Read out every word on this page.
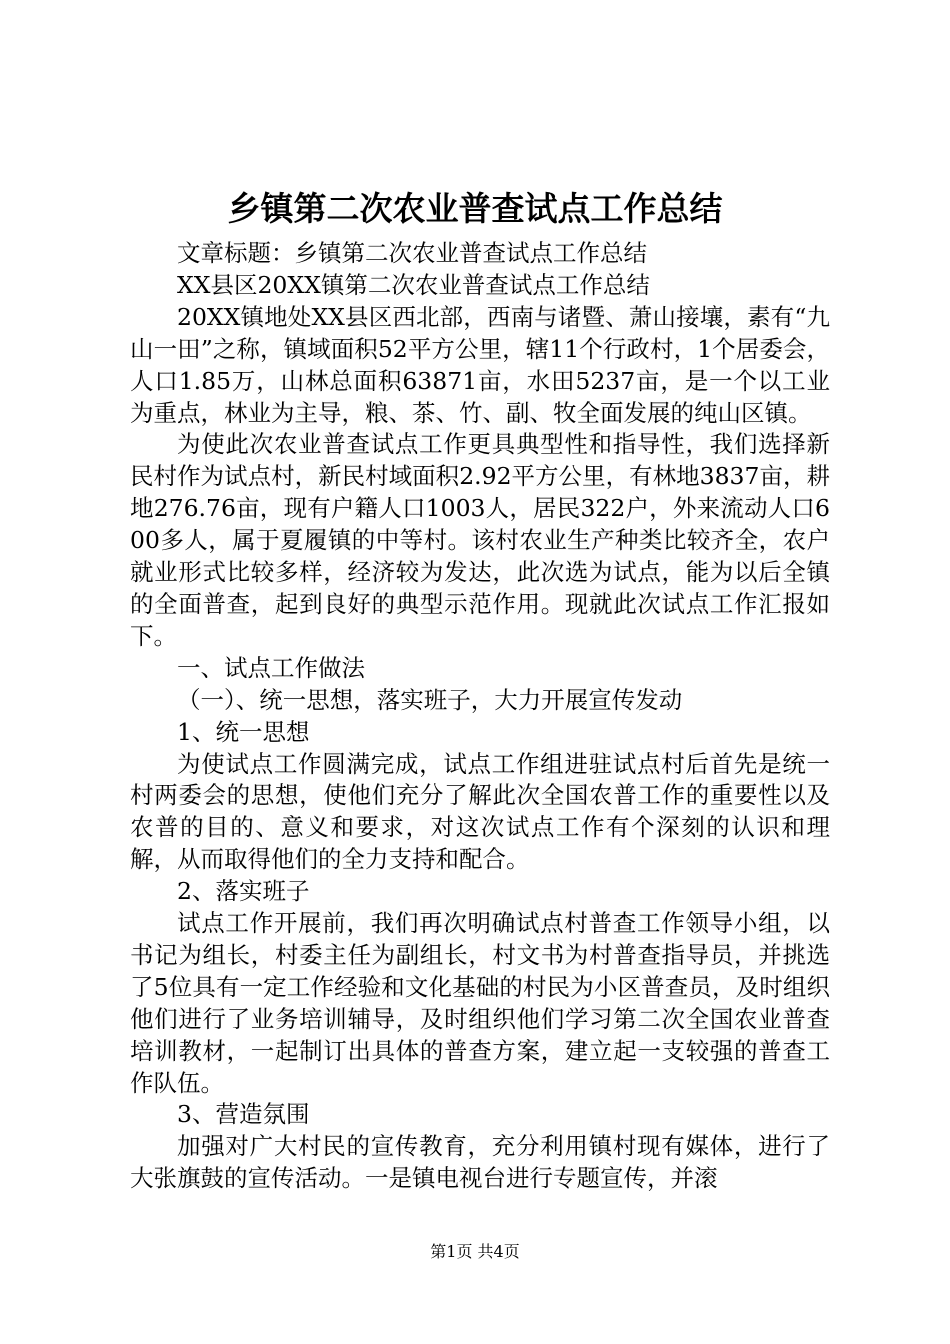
乡镇第二次农业普查试点工作总结

文章标题：乡镇第二次农业普查试点工作总结

XX县区20XX镇第二次农业普查试点工作总结

20XX镇地处XX县区西北部，西南与诸暨、萧山接壤，素有“九山一田”之称，镇域面积52平方公里，辖11个行政村，1个居委会，人口1.85万，山林总面积63871亩，水田5237亩，是一个以工业为重点，林业为主导，粮、茶、竹、副、牧全面发展的纯山区镇。

为使此次农业普查试点工作更具典型性和指导性，我们选择新民村作为试点村，新民村域面积2.92平方公里，有林地3837亩，耕地276.76亩，现有户籍人口1003人，居民322户，外来流动人口600多人，属于夏履镇的中等村。该村农业生产种类比较齐全，农户就业形式比较多样，经济较为发达，此次选为试点，能为以后全镇的全面普查，起到良好的典型示范作用。现就此次试点工作汇报如下。

一、试点工作做法

（一）、统一思想，落实班子，大力开展宣传发动

1、统一思想

为使试点工作圆满完成，试点工作组进驻试点村后首先是统一村两委会的思想，使他们充分了解此次全国农普工作的重要性以及农普的目的、意义和要求，对这次试点工作有个深刻的认识和理解，从而取得他们的全力支持和配合。

2、落实班子

试点工作开展前，我们再次明确试点村普查工作领导小组，以书记为组长，村委主任为副组长，村文书为村普查指导员，并挑选了5位具有一定工作经验和文化基础的村民为小区普查员，及时组织他们进行了业务培训辅导，及时组织他们学习第二次全国农业普查培训教材，一起制订出具体的普查方案，建立起一支较强的普查工作队伍。

3、营造氛围

加强对广大村民的宣传教育，充分利用镇村现有媒体，进行了大张旗鼓的宣传活动。一是镇电视台进行专题宣传，并滚

第1页 共4页
